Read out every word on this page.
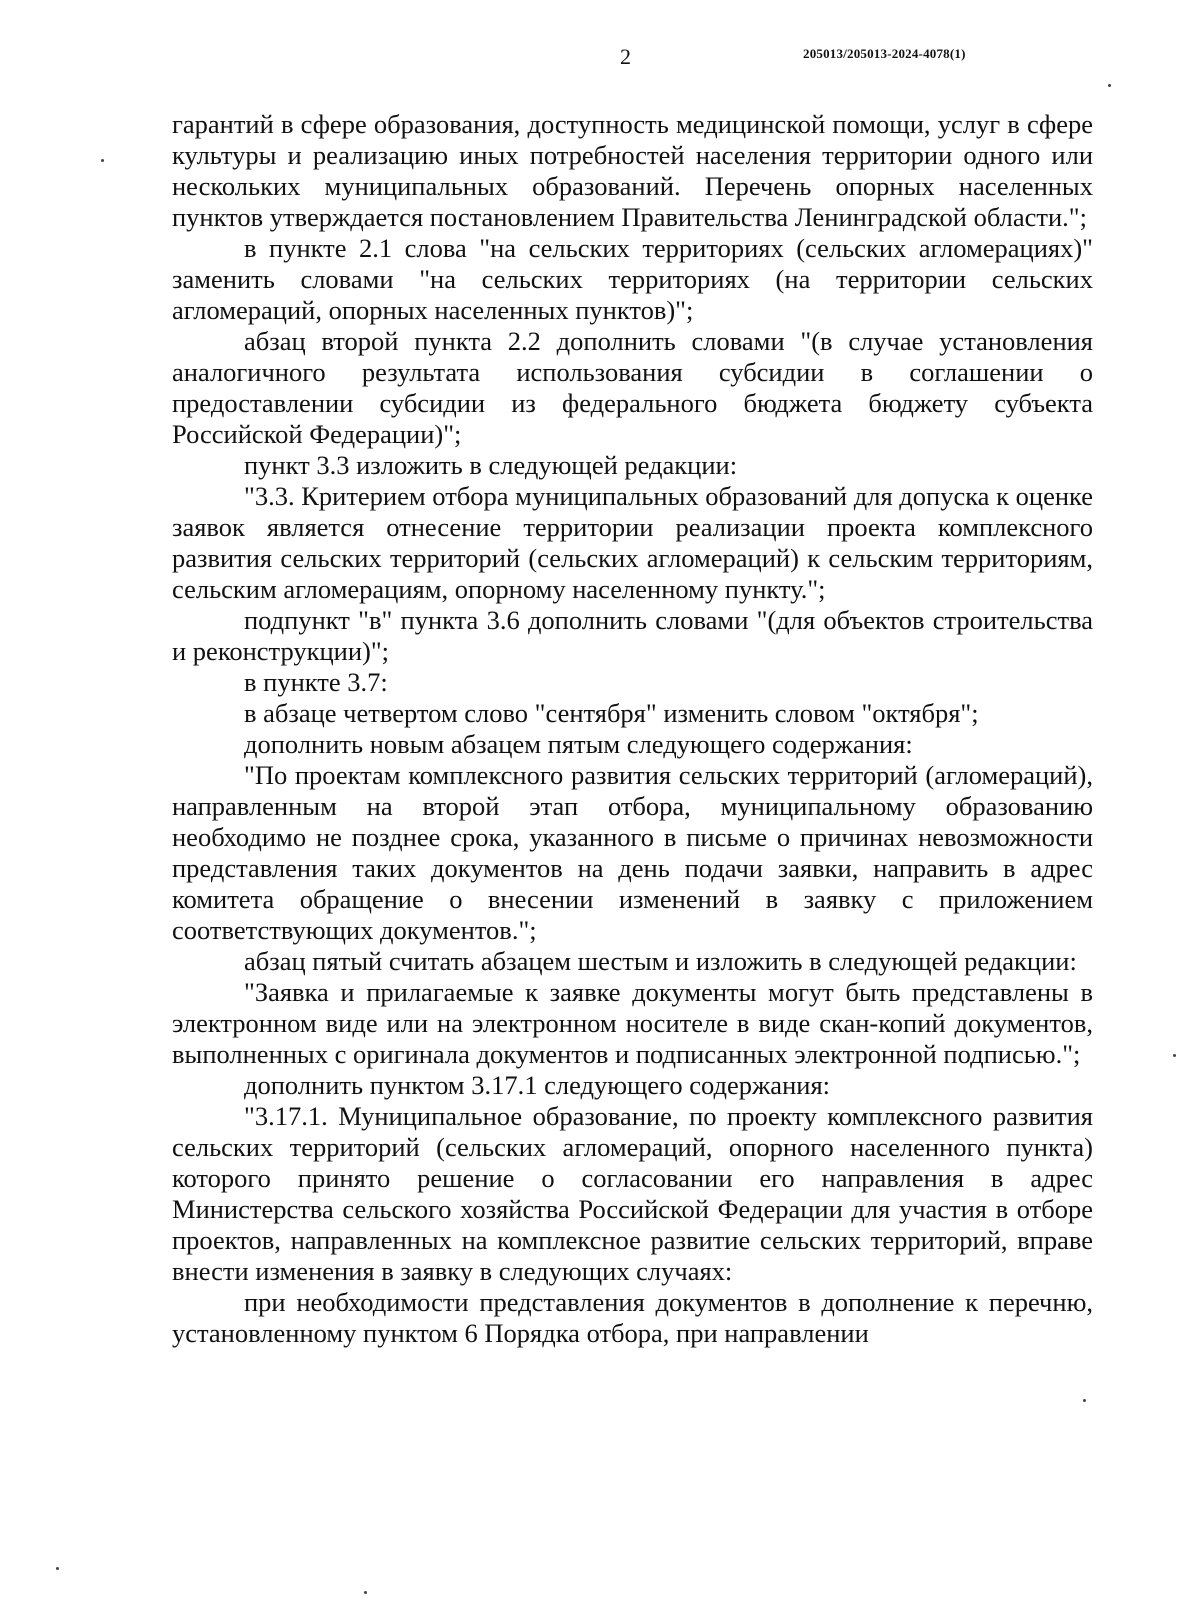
2	205013/205013-2024-4078(1)

гарантий в сфере образования, доступность медицинской помощи, услуг в сфере культуры и реализацию иных потребностей населения территории одного или нескольких муниципальных образований. Перечень опорных населенных пунктов утверждается постановлением Правительства Ленинградской области.";

в пункте 2.1 слова "на сельских территориях (сельских агломерациях)" заменить словами "на сельских территориях (на территории сельских агломераций, опорных населенных пунктов)";

абзац второй пункта 2.2 дополнить словами "(в случае установления аналогичного результата использования субсидии в соглашении о предоставлении субсидии из федерального бюджета бюджету субъекта Российской Федерации)";

пункт 3.3 изложить в следующей редакции:

"3.3. Критерием отбора муниципальных образований для допуска к оценке заявок является отнесение территории реализации проекта комплексного развития сельских территорий (сельских агломераций) к сельским территориям, сельским агломерациям, опорному населенному пункту.";

подпункт "в" пункта 3.6 дополнить словами "(для объектов строительства и реконструкции)";

в пункте 3.7:

в абзаце четвертом слово "сентября" изменить словом "октября";

дополнить новым абзацем пятым следующего содержания:

"По проектам комплексного развития сельских территорий (агломераций), направленным на второй этап отбора, муниципальному образованию необходимо не позднее срока, указанного в письме о причинах невозможности представления таких документов на день подачи заявки, направить в адрес комитета обращение о внесении изменений в заявку с приложением соответствующих документов.";

абзац пятый считать абзацем шестым и изложить в следующей редакции:

"Заявка и прилагаемые к заявке документы могут быть представлены в электронном виде или на электронном носителе в виде скан-копий документов, выполненных с оригинала документов и подписанных электронной подписью.";

дополнить пунктом 3.17.1 следующего содержания:

"3.17.1. Муниципальное образование, по проекту комплексного развития сельских территорий (сельских агломераций, опорного населенного пункта) которого принято решение о согласовании его направления в адрес Министерства сельского хозяйства Российской Федерации для участия в отборе проектов, направленных на комплексное развитие сельских территорий, вправе внести изменения в заявку в следующих случаях:

при необходимости представления документов в дополнение к перечню, установленному пунктом 6 Порядка отбора, при направлении
